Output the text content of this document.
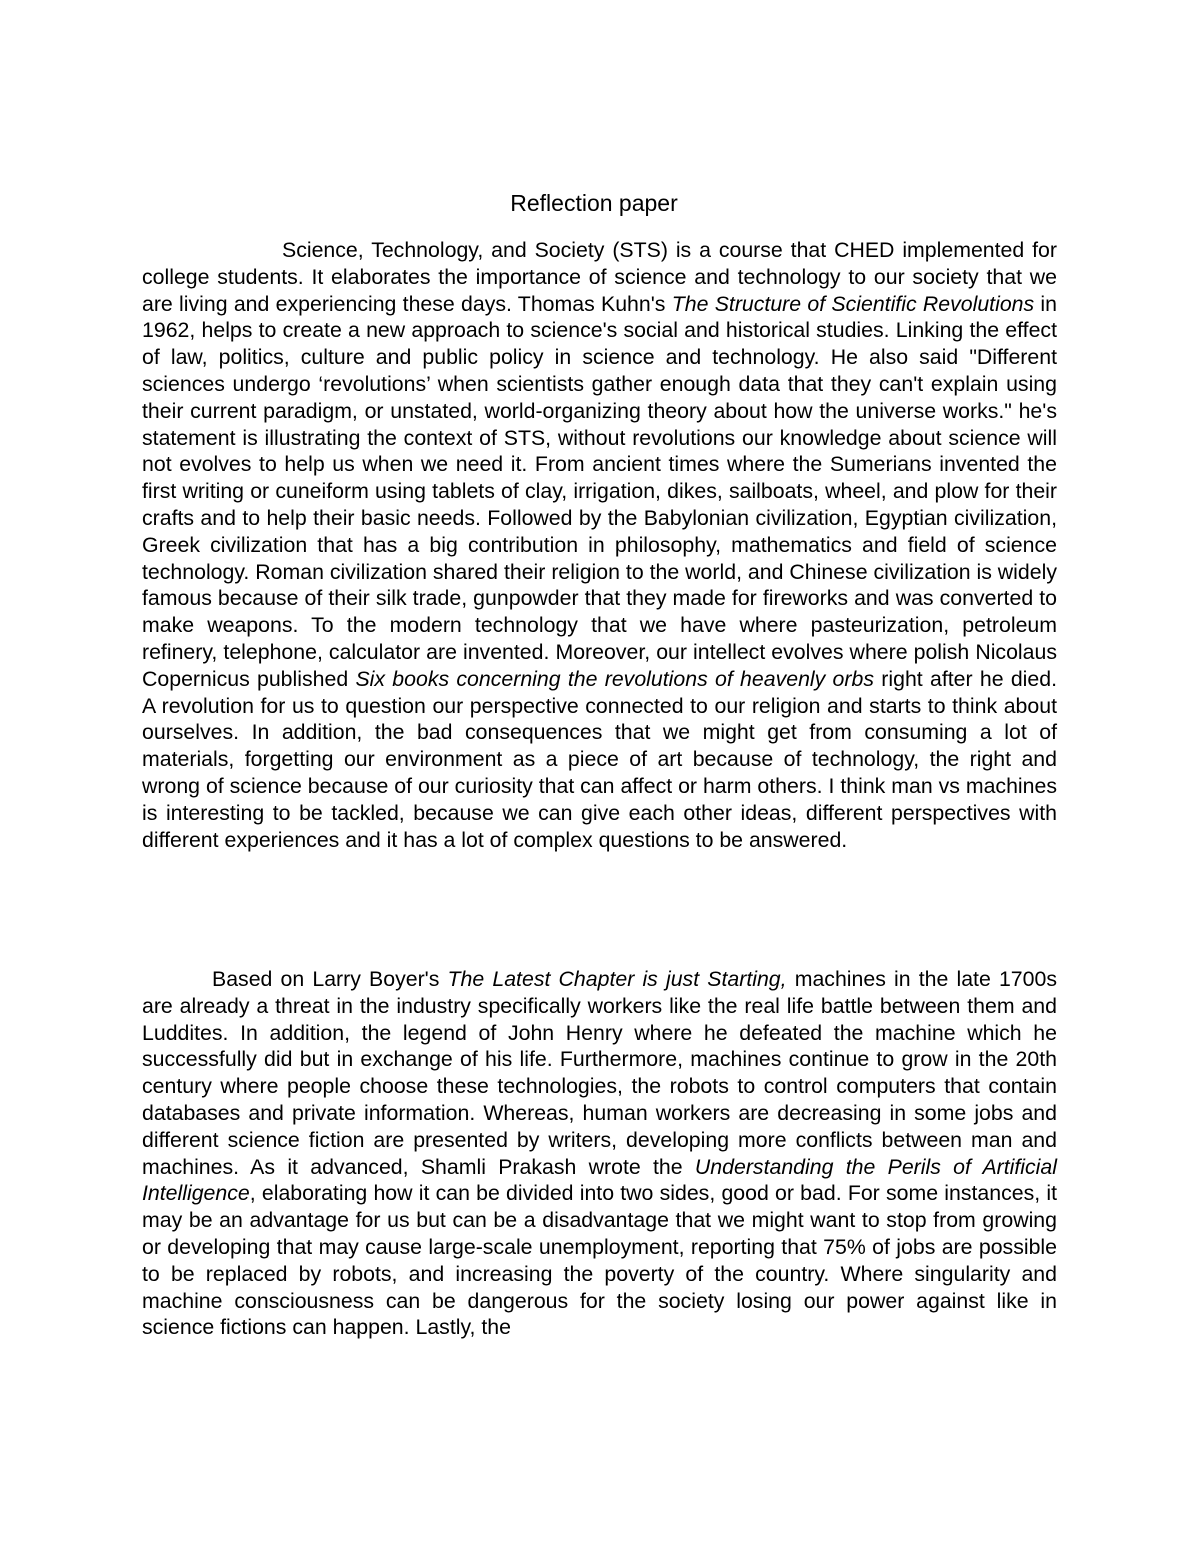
Reflection paper

Science, Technology, and Society (STS) is a course that CHED implemented for college students. It elaborates the importance of science and technology to our society that we are living and experiencing these days. Thomas Kuhn's The Structure of Scientific Revolutions in 1962, helps to create a new approach to science's social and historical studies. Linking the effect of law, politics, culture and public policy in science and technology. He also said "Different sciences undergo ‘revolutions’ when scientists gather enough data that they can't explain using their current paradigm, or unstated, world-organizing theory about how the universe works." he's statement is illustrating the context of STS, without revolutions our knowledge about science will not evolves to help us when we need it. From ancient times where the Sumerians invented the first writing or cuneiform using tablets of clay, irrigation, dikes, sailboats, wheel, and plow for their crafts and to help their basic needs. Followed by the Babylonian civilization, Egyptian civilization, Greek civilization that has a big contribution in philosophy, mathematics and field of science technology. Roman civilization shared their religion to the world, and Chinese civilization is widely famous because of their silk trade, gunpowder that they made for fireworks and was converted to make weapons. To the modern technology that we have where pasteurization, petroleum refinery, telephone, calculator are invented. Moreover, our intellect evolves where polish Nicolaus Copernicus published Six books concerning the revolutions of heavenly orbs right after he died. A revolution for us to question our perspective connected to our religion and starts to think about ourselves. In addition, the bad consequences that we might get from consuming a lot of materials, forgetting our environment as a piece of art because of technology, the right and wrong of science because of our curiosity that can affect or harm others. I think man vs machines is interesting to be tackled, because we can give each other ideas, different perspectives with different experiences and it has a lot of complex questions to be answered.

Based on Larry Boyer's The Latest Chapter is just Starting, machines in the late 1700s are already a threat in the industry specifically workers like the real life battle between them and Luddites. In addition, the legend of John Henry where he defeated the machine which he successfully did but in exchange of his life. Furthermore, machines continue to grow in the 20th century where people choose these technologies, the robots to control computers that contain databases and private information. Whereas, human workers are decreasing in some jobs and different science fiction are presented by writers, developing more conflicts between man and machines. As it advanced, Shamli Prakash wrote the Understanding the Perils of Artificial Intelligence, elaborating how it can be divided into two sides, good or bad. For some instances, it may be an advantage for us but can be a disadvantage that we might want to stop from growing or developing that may cause large-scale unemployment, reporting that 75% of jobs are possible to be replaced by robots, and increasing the poverty of the country. Where singularity and machine consciousness can be dangerous for the society losing our power against like in science fictions can happen. Lastly, the
